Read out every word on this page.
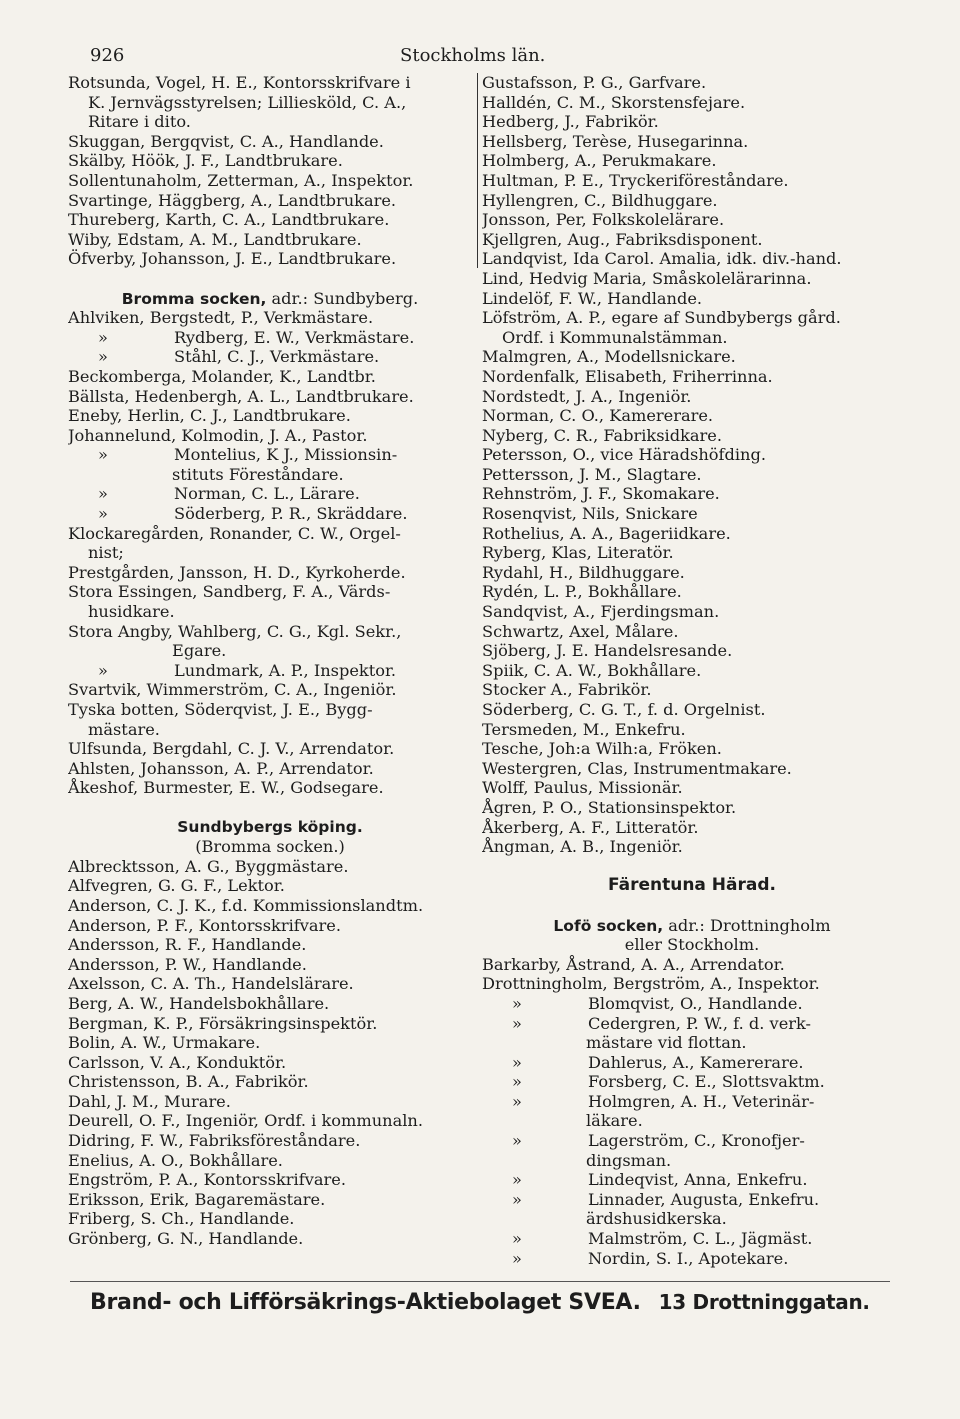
926	Stockholms län.
Rotsunda, Vogel, H. E., Kontorsskrifvare i
K. Jernvägsstyrelsen; Lilliesköld, C. A.,
Ritare i dito.
Skuggan, Bergqvist, C. A., Handlande.
Skälby, Höök, J. F., Landtbrukare.
Sollentunaholm, Zetterman, A., Inspektor.
Svartinge, Häggberg, A., Landtbrukare.
Thureberg, Karth, C. A., Landtbrukare.
Wiby, Edstam, A. M., Landtbrukare.
Öfverby, Johansson, J. E., Landtbrukare.
Bromma socken, adr.: Sundbyberg.
Ahlviken, Bergstedt, P., Verkmästare.
»	Rydberg, E. W., Verkmästare.
»	Ståhl, C. J., Verkmästare.
Beckomberga, Molander, K., Landtbr.
Bällsta, Hedenbergh, A. L., Landtbrukare.
Eneby, Herlin, C. J., Landtbrukare.
Johannelund, Kolmodin, J. A., Pastor.
»	Montelius, K J., Missionsin-
stituts Föreståndare.
»	Norman, C. L., Lärare.
»	Söderberg, P. R., Skräddare.
Klockaregården, Ronander, C. W., Orgel-
nist;
Prestgården, Jansson, H. D., Kyrkoherde.
Stora Essingen, Sandberg, F. A., Värds-
husidkare.
Stora Angby, Wahlberg, C. G., Kgl. Sekr.,
Egare.
»	Lundmark, A. P., Inspektor.
Svartvik, Wimmerström, C. A., Ingeniör.
Tyska botten, Söderqvist, J. E., Bygg-
mästare.
Ulfsunda, Bergdahl, C. J. V., Arrendator.
Ahlsten, Johansson, A. P., Arrendator.
Åkeshof, Burmester, E. W., Godsegare.
Sundbybergs köping.
(Bromma socken.)
Albrecktsson, A. G., Byggmästare.
Alfvegren, G. G. F., Lektor.
Anderson, C. J. K., f.d. Kommissionslandtm.
Anderson, P. F., Kontorsskrifvare.
Andersson, R. F., Handlande.
Andersson, P. W., Handlande.
Axelsson, C. A. Th., Handelslärare.
Berg, A. W., Handelsbokhållare.
Bergman, K. P., Försäkringsinspektör.
Bolin, A. W., Urmakare.
Carlsson, V. A., Konduktör.
Christensson, B. A., Fabrikör.
Dahl, J. M., Murare.
Deurell, O. F., Ingeniör, Ordf. i kommunaln.
Didring, F. W., Fabriksföreståndare.
Enelius, A. O., Bokhållare.
Engström, P. A., Kontorsskrifvare.
Eriksson, Erik, Bagaremästare.
Friberg, S. Ch., Handlande.
Grönberg, G. N., Handlande.
Gustafsson, P. G., Garfvare.
Halldén, C. M., Skorstensfejare.
Hedberg, J., Fabrikör.
Hellsberg, Terèse, Husegarinna.
Holmberg, A., Perukmakare.
Hultman, P. E., Tryckeriföreståndare.
Hyllengren, C., Bildhuggare.
Jonsson, Per, Folkskolelärare.
Kjellgren, Aug., Fabriksdisponent.
Landqvist, Ida Carol. Amalia, idk. div.-hand.
Lind, Hedvig Maria, Småskolelärarinna.
Lindelöf, F. W., Handlande.
Löfström, A. P., egare af Sundbybergs gård.
Ordf. i Kommunalstämman.
Malmgren, A., Modellsnickare.
Nordenfalk, Elisabeth, Friherrinna.
Nordstedt, J. A., Ingeniör.
Norman, C. O., Kamererare.
Nyberg, C. R., Fabriksidkare.
Petersson, O., vice Häradshöfding.
Pettersson, J. M., Slagtare.
Rehnström, J. F., Skomakare.
Rosenqvist, Nils, Snickare
Rothelius, A. A., Bageriidkare.
Ryberg, Klas, Literatör.
Rydahl, H., Bildhuggare.
Rydén, L. P., Bokhållare.
Sandqvist, A., Fjerdingsman.
Schwartz, Axel, Målare.
Sjöberg, J. E. Handelsresande.
Spiik, C. A. W., Bokhållare.
Stocker A., Fabrikör.
Söderberg, C. G. T., f. d. Orgelnist.
Tersmeden, M., Enkefru.
Tesche, Joh:a Wilh:a, Fröken.
Westergren, Clas, Instrumentmakare.
Wolff, Paulus, Missionär.
Ågren, P. O., Stationsinspektor.
Åkerberg, A. F., Litteratör.
Ångman, A. B., Ingeniör.
Färentuna Härad.
Lofö socken, adr.: Drottningholm
eller Stockholm.
Barkarby, Åstrand, A. A., Arrendator.
Drottningholm, Bergström, A., Inspektor.
»	Blomqvist, O., Handlande.
»	Cedergren, P. W., f. d. verk-
mästare vid flottan.
»	Dahlerus, A., Kamererare.
»	Forsberg, C. E., Slottsvaktm.
»	Holmgren, A. H., Veterinär-
läkare.
»	Lagerström, C., Kronofjer-
dingsman.
»	Lindeqvist, Anna, Enkefru.
»	Linnader, Augusta, Enkefru.
ärdshusidkerska.
»	Malmström, C. L., Jägmäst.
»	Nordin, S. I., Apotekare.
Brand- och Lifförsäkrings-Aktiebolaget SVEA. 13 Drottninggatan.
